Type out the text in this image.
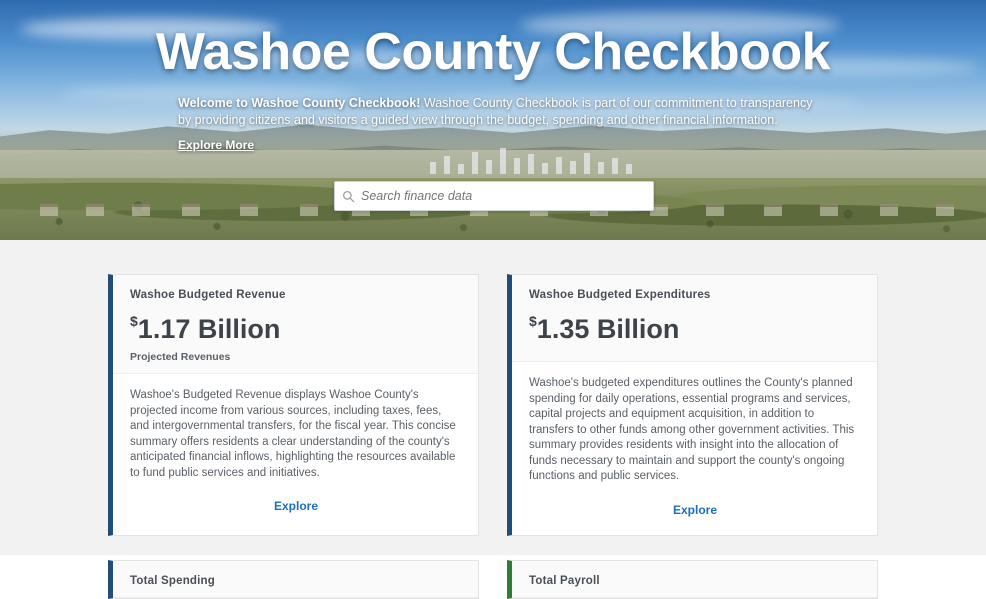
Washoe County Checkbook
Welcome to Washoe County Checkbook! Washoe County Checkbook is part of our commitment to transparency by providing citizens and visitors a guided view through the budget, spending and other financial information.
Explore More
Search finance data
Washoe Budgeted Revenue
$1.17 Billion
Projected Revenues
Washoe's Budgeted Revenue displays Washoe County's projected income from various sources, including taxes, fees, and intergovernmental transfers, for the fiscal year. This concise summary offers residents a clear understanding of the county's anticipated financial inflows, highlighting the resources available to fund public services and initiatives.
Explore
Washoe Budgeted Expenditures
$1.35 Billion
Washoe's budgeted expenditures outlines the County's planned spending for daily operations, essential programs and services, capital projects and equipment acquisition, in addition to transfers to other funds among other government activities. This summary provides residents with insight into the allocation of funds necessary to maintain and support the county's ongoing functions and public services.
Explore
Total Spending	Total Payroll
